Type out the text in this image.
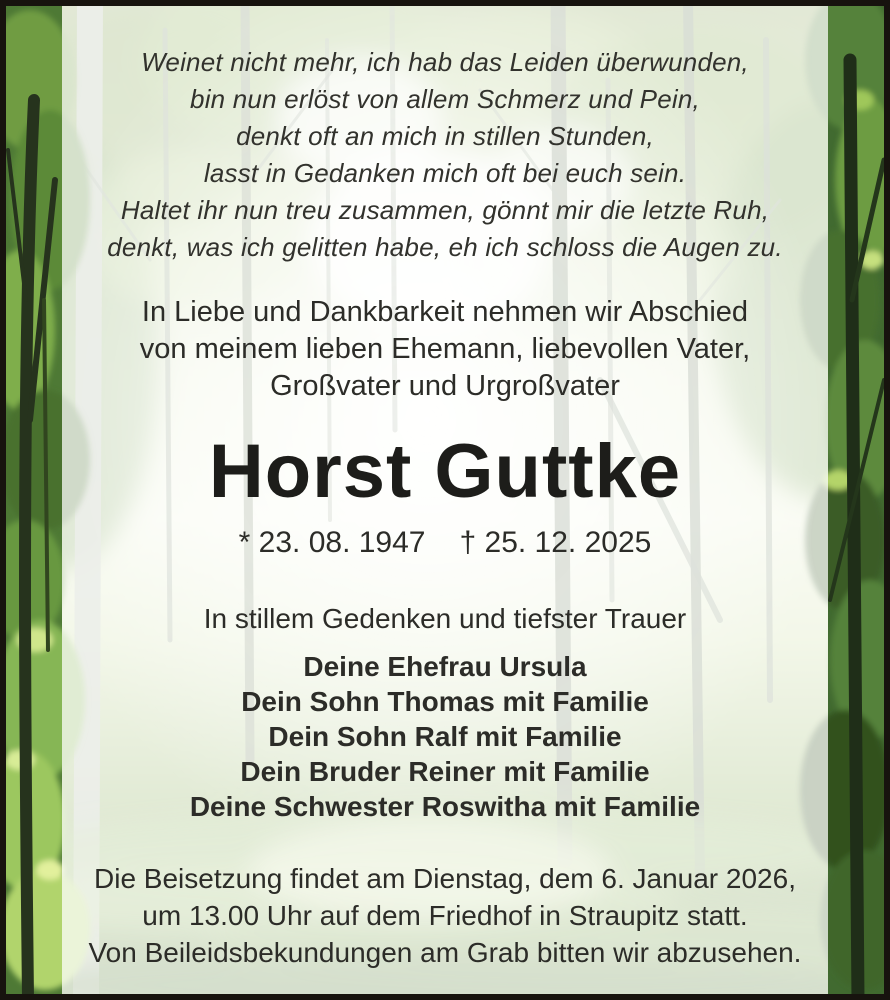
Weinet nicht mehr, ich hab das Leiden überwunden,
bin nun erlöst von allem Schmerz und Pein,
denkt oft an mich in stillen Stunden,
lasst in Gedanken mich oft bei euch sein.
Haltet ihr nun treu zusammen, gönnt mir die letzte Ruh,
denkt, was ich gelitten habe, eh ich schloss die Augen zu.
In Liebe und Dankbarkeit nehmen wir Abschied
von meinem lieben Ehemann, liebevollen Vater,
Großvater und Urgroßvater
Horst Guttke
* 23. 08. 1947 † 25. 12. 2025
In stillem Gedenken und tiefster Trauer
Deine Ehefrau Ursula
Dein Sohn Thomas mit Familie
Dein Sohn Ralf mit Familie
Dein Bruder Reiner mit Familie
Deine Schwester Roswitha mit Familie
Die Beisetzung findet am Dienstag, dem 6. Januar 2026,
um 13.00 Uhr auf dem Friedhof in Straupitz statt.
Von Beileidsbekundungen am Grab bitten wir abzusehen.
